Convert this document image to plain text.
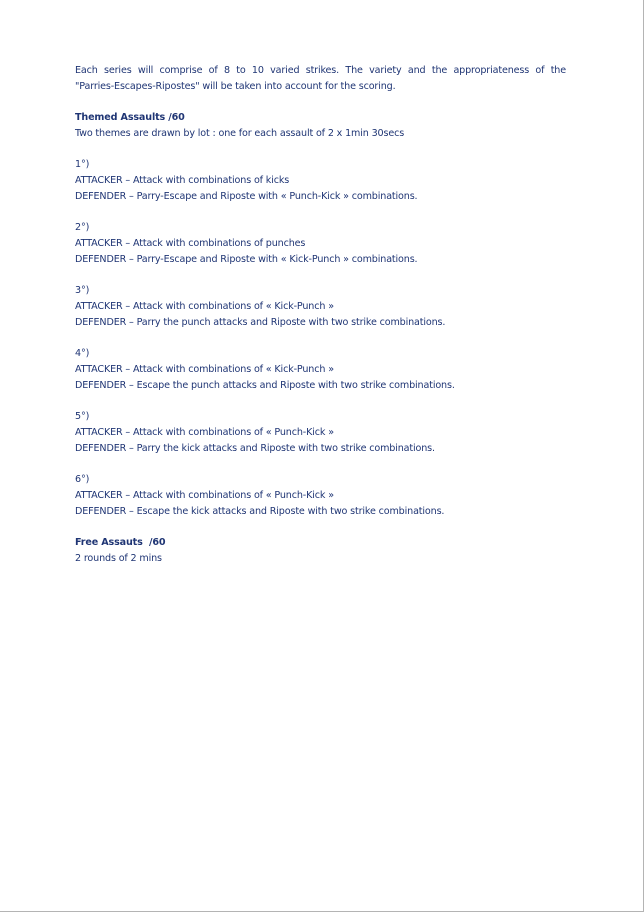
Each series will comprise of 8 to 10 varied strikes. The variety and the appropriateness of the
"Parries-Escapes-Ripostes" will be taken into account for the scoring.

Themed Assaults /60

Two themes are drawn by lot : one for each assault of 2 x 1min 30secs

1°)
ATTACKER – Attack with combinations of kicks
DEFENDER – Parry-Escape and Riposte with « Punch-Kick » combinations.
2°)
ATTACKER – Attack with combinations of punches
DEFENDER – Parry-Escape and Riposte with « Kick-Punch » combinations.
3°)
ATTACKER – Attack with combinations of « Kick-Punch »
DEFENDER – Parry the punch attacks and Riposte with two strike combinations.
4°)
ATTACKER – Attack with combinations of « Kick-Punch »
DEFENDER – Escape the punch attacks and Riposte with two strike combinations.
5°)
ATTACKER – Attack with combinations of « Punch-Kick »
DEFENDER – Parry the kick attacks and Riposte with two strike combinations.
6°)
ATTACKER – Attack with combinations of « Punch-Kick »
DEFENDER – Escape the kick attacks and Riposte with two strike combinations.

Free Assauts  /60

2 rounds of 2 mins
